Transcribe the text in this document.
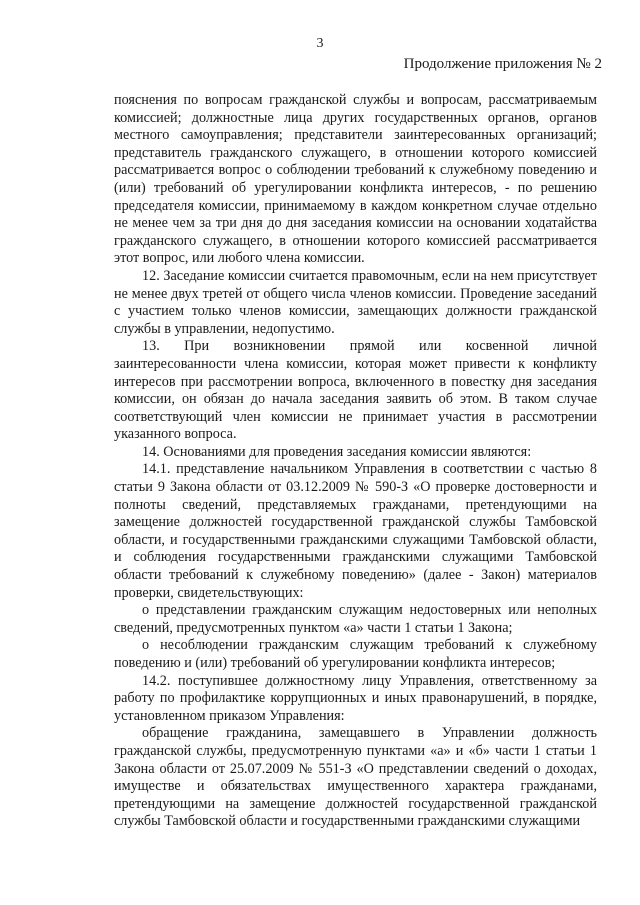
3
Продолжение приложения № 2

пояснения по вопросам гражданской службы и вопросам, рассматриваемым комиссией; должностные лица других государственных органов, органов местного самоуправления; представители заинтересованных организаций; представитель гражданского служащего, в отношении которого комиссией рассматривается вопрос о соблюдении требований к служебному поведению и (или) требований об урегулировании конфликта интересов, - по решению председателя комиссии, принимаемому в каждом конкретном случае отдельно не менее чем за три дня до дня заседания комиссии на основании ходатайства гражданского служащего, в отношении которого комиссией рассматривается этот вопрос, или любого члена комиссии.

12. Заседание комиссии считается правомочным, если на нем присутствует не менее двух третей от общего числа членов комиссии. Проведение заседаний с участием только членов комиссии, замещающих должности гражданской службы в управлении, недопустимо.

13. При возникновении прямой или косвенной личной заинтересованности члена комиссии, которая может привести к конфликту интересов при рассмотрении вопроса, включенного в повестку дня заседания комиссии, он обязан до начала заседания заявить об этом. В таком случае соответствующий член комиссии не принимает участия в рассмотрении указанного вопроса.

14. Основаниями для проведения заседания комиссии являются:

14.1. представление начальником Управления в соответствии с частью 8 статьи 9 Закона области от 03.12.2009 № 590-З «О проверке достоверности и полноты сведений, представляемых гражданами, претендующими на замещение должностей государственной гражданской службы Тамбовской области, и государственными гражданскими служащими Тамбовской области, и соблюдения государственными гражданскими служащими Тамбовской области требований к служебному поведению» (далее - Закон) материалов проверки, свидетельствующих:

о представлении гражданским служащим недостоверных или неполных сведений, предусмотренных пунктом «а» части 1 статьи 1 Закона;

о несоблюдении гражданским служащим требований к служебному поведению и (или) требований об урегулировании конфликта интересов;

14.2. поступившее должностному лицу Управления, ответственному за работу по профилактике коррупционных и иных правонарушений, в порядке, установленном приказом Управления:

обращение гражданина, замещавшего в Управлении должность гражданской службы, предусмотренную пунктами «а» и «б» части 1 статьи 1 Закона области от 25.07.2009 № 551-З «О представлении сведений о доходах, имуществе и обязательствах имущественного характера гражданами, претендующими на замещение должностей государственной гражданской службы Тамбовской области и государственными гражданскими служащими
